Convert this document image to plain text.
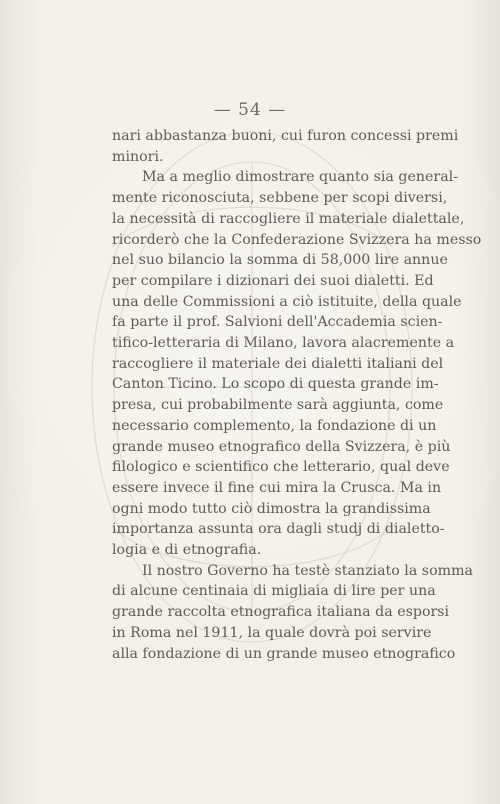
— 54 —
nari abbastanza buoni, cui furon concessi premi
minori.
Ma a meglio dimostrare quanto sia general-
mente riconosciuta, sebbene per scopi diversi,
la necessità di raccogliere il materiale dialettale,
ricorderò che la Confederazione Svizzera ha messo
nel suo bilancio la somma di 58,000 lire annue
per compilare i dizionari dei suoi dialetti. Ed
una delle Commissioni a ciò istituite, della quale
fa parte il prof. Salvioni dell'Accademia scien-
tifico-letteraria di Milano, lavora alacremente a
raccogliere il materiale dei dialetti italiani del
Canton Ticino. Lo scopo di questa grande im-
presa, cui probabilmente sarà aggiunta, come
necessario complemento, la fondazione di un
grande museo etnografico della Svizzera, è più
filologico e scientifico che letterario, qual deve
essere invece il fine cui mira la Crusca. Ma in
ogni modo tutto ciò dimostra la grandissima
importanza assunta ora dagli studj di dialetto-
logia e di etnografia.
Il nostro Governo ha testè stanziato la somma
di alcune centinaia di migliaia di lire per una
grande raccolta etnografica italiana da esporsi
in Roma nel 1911, la quale dovrà poi servire
alla fondazione di un grande museo etnografico
